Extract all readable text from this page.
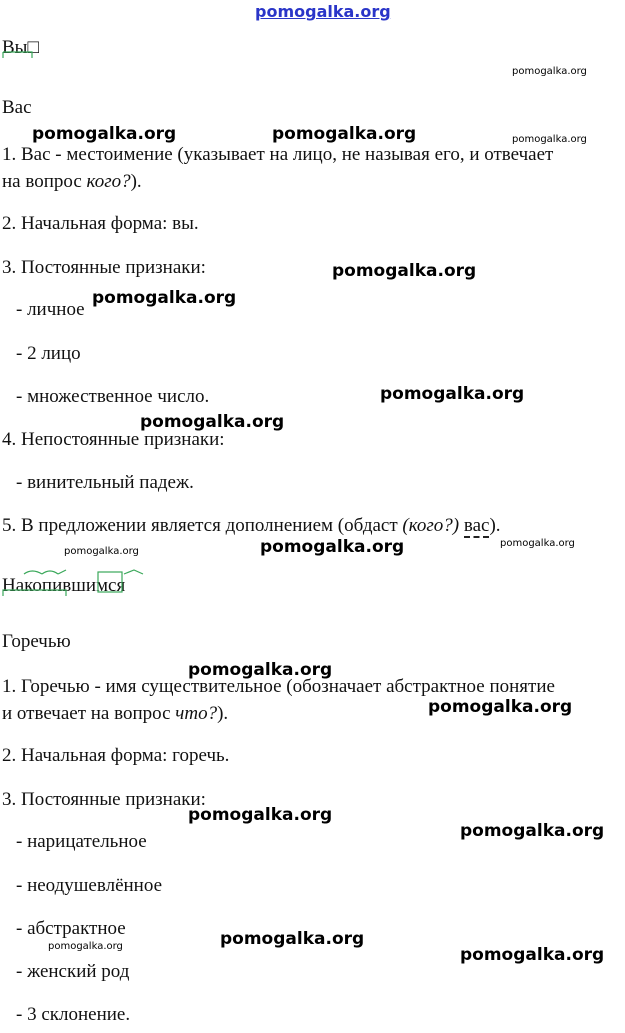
pomogalka.org
Вы
□
Вас
1. Вас - местоимение (указывает на лицо, не называя его, и отвечает
на вопрос кого?).
2. Начальная форма: вы.
3. Постоянные признаки:
- личное
- 2 лицо
- множественное число.
4. Непостоянные признаки:
- винительный падеж.
5. В предложении является дополнением (обдаст (кого?) вас).
Накопившимся
Горечью
1. Горечью - имя существительное (обозначает абстрактное понятие
и отвечает на вопрос что?).
2. Начальная форма: горечь.
3. Постоянные признаки:
- нарицательное
- неодушевлённое
- абстрактное
- женский род
- 3 склонение.
pomogalka.org
pomogalka.org	pomogalka.org	pomogalka.org
pomogalka.org
pomogalka.org
pomogalka.org
pomogalka.org
pomogalka.org
pomogalka.org	pomogalka.org
pomogalka.org
pomogalka.org
pomogalka.org
pomogalka.org
pomogalka.org
pomogalka.org	pomogalka.org
